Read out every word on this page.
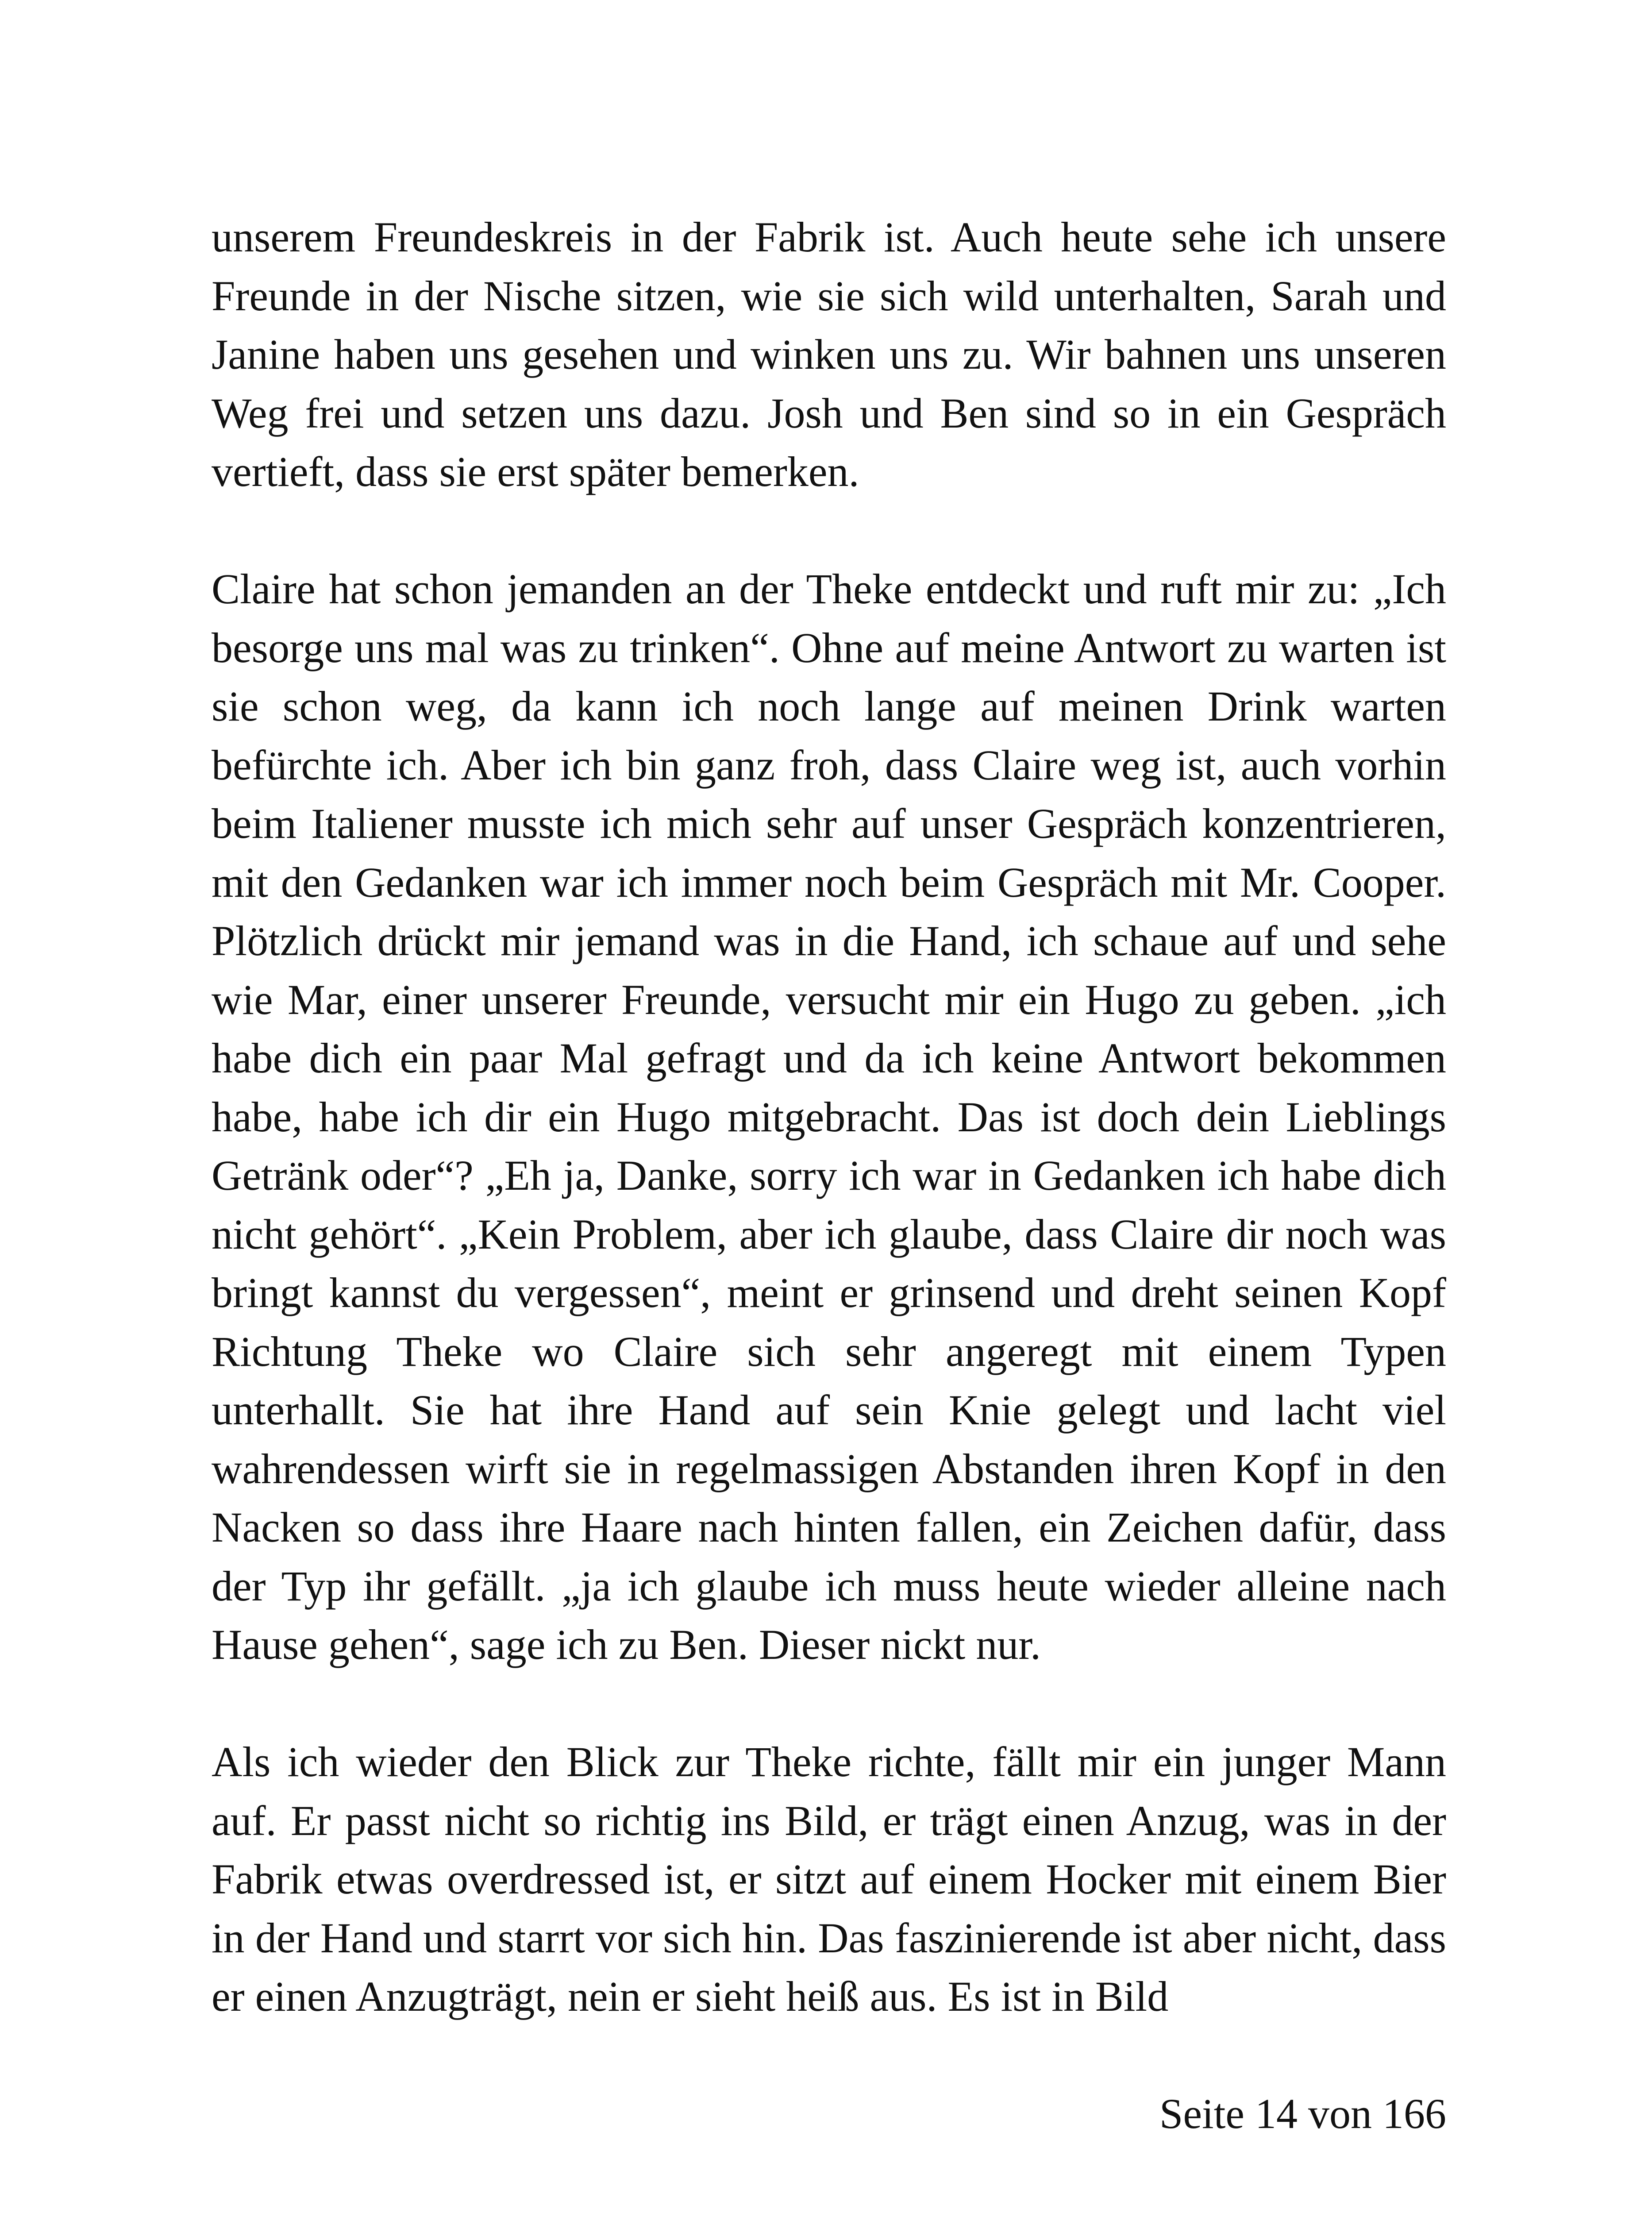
unserem Freundeskreis in der Fabrik ist. Auch heute sehe ich unsere Freunde in der Nische sitzen, wie sie sich wild unterhalten, Sarah und Janine haben uns gesehen und winken uns zu. Wir bahnen uns unseren Weg frei und setzen uns dazu. Josh und Ben sind so in ein Gespräch vertieft, dass sie erst später bemerken.

Claire hat schon jemanden an der Theke entdeckt und ruft mir zu: „Ich besorge uns mal was zu trinken“. Ohne auf meine Antwort zu warten ist sie schon weg, da kann ich noch lange auf meinen Drink warten befürchte ich. Aber ich bin ganz froh, dass Claire weg ist, auch vorhin beim Italiener musste ich mich sehr auf unser Gespräch konzentrieren, mit den Gedanken war ich immer noch beim Gespräch mit Mr. Cooper. Plötzlich drückt mir jemand was in die Hand, ich schaue auf und sehe wie Mar, einer unserer Freunde, versucht mir ein Hugo zu geben. „ich habe dich ein paar Mal gefragt und da ich keine Antwort bekommen habe, habe ich dir ein Hugo mitgebracht. Das ist doch dein Lieblings Getränk oder“? „Eh ja, Danke, sorry ich war in Gedanken ich habe dich nicht gehört“. „Kein Problem, aber ich glaube, dass Claire dir noch was bringt kannst du vergessen“, meint er grinsend und dreht seinen Kopf Richtung Theke wo Claire sich sehr angeregt mit einem Typen unterhallt. Sie hat ihre Hand auf sein Knie gelegt und lacht viel wahrendessen wirft sie in regelmassigen Abstanden ihren Kopf in den Nacken so dass ihre Haare nach hinten fallen, ein Zeichen dafür, dass der Typ ihr gefällt. „ja ich glaube ich muss heute wieder alleine nach Hause gehen“, sage ich zu Ben. Dieser nickt nur.

Als ich wieder den Blick zur Theke richte, fällt mir ein junger Mann auf. Er passt nicht so richtig ins Bild, er trägt einen Anzug, was in der Fabrik etwas overdressed ist, er sitzt auf einem Hocker mit einem Bier in der Hand und starrt vor sich hin. Das faszinierende ist aber nicht, dass er einen Anzugträgt, nein er sieht heiß aus. Es ist in Bild

Seite 14 von 166
